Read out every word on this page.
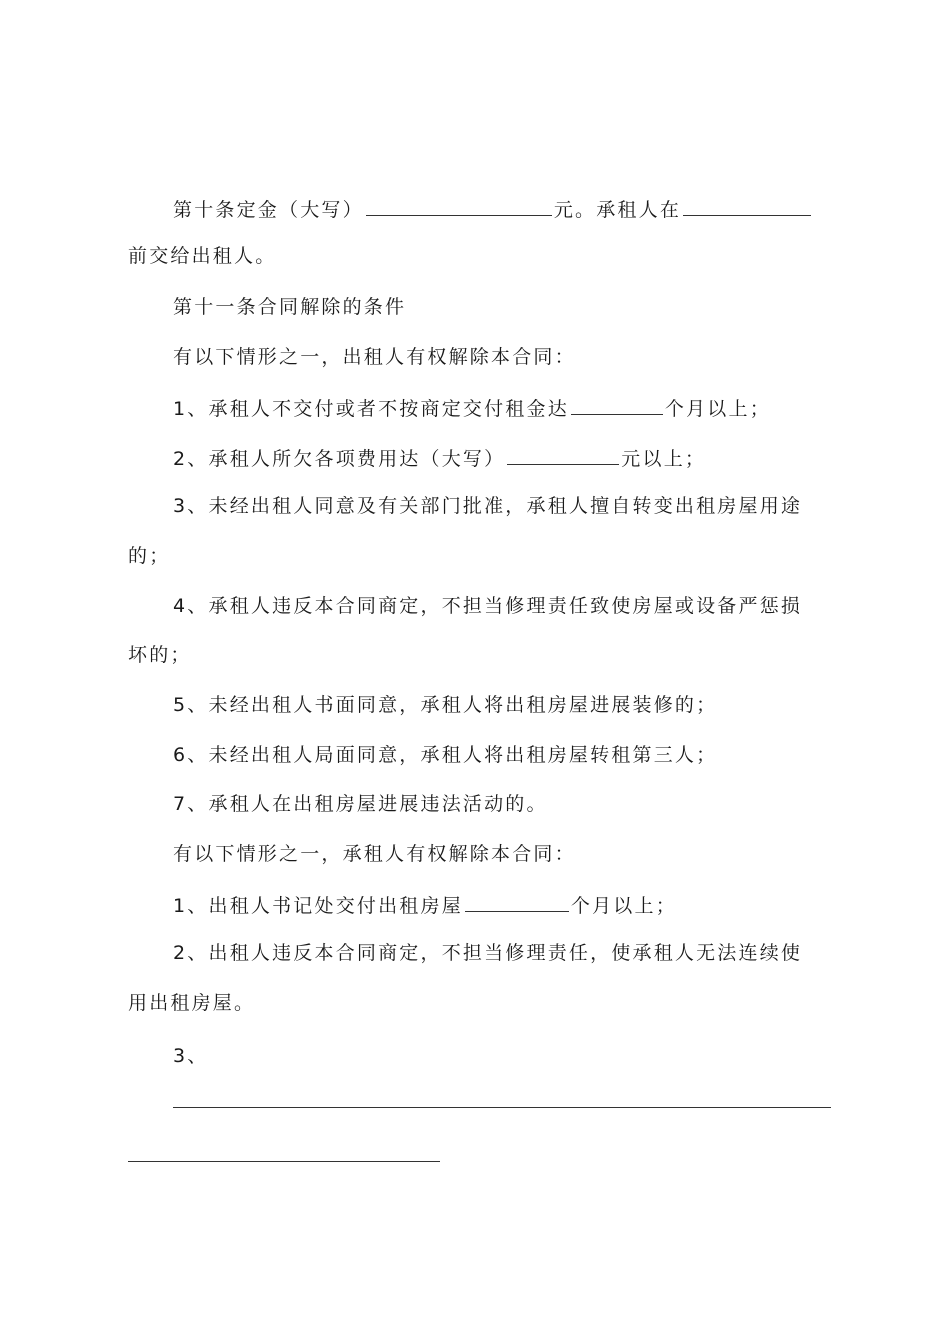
第十条定金（大写）	元。承租人在
前交给出租人。
第十一条合同解除的条件
有以下情形之一，出租人有权解除本合同：
1、承租人不交付或者不按商定交付租金达	个月以上；
2、承租人所欠各项费用达（大写）	元以上；
3、未经出租人同意及有关部门批准，承租人擅自转变出租房屋用途
的；
4、承租人违反本合同商定，不担当修理责任致使房屋或设备严惩损
坏的；
5、未经出租人书面同意，承租人将出租房屋进展装修的；
6、未经出租人局面同意，承租人将出租房屋转租第三人；
7、承租人在出租房屋进展违法活动的。
有以下情形之一，承租人有权解除本合同：
1、出租人书记处交付出租房屋	个月以上；
2、出租人违反本合同商定，不担当修理责任，使承租人无法连续使
用出租房屋。
3、
